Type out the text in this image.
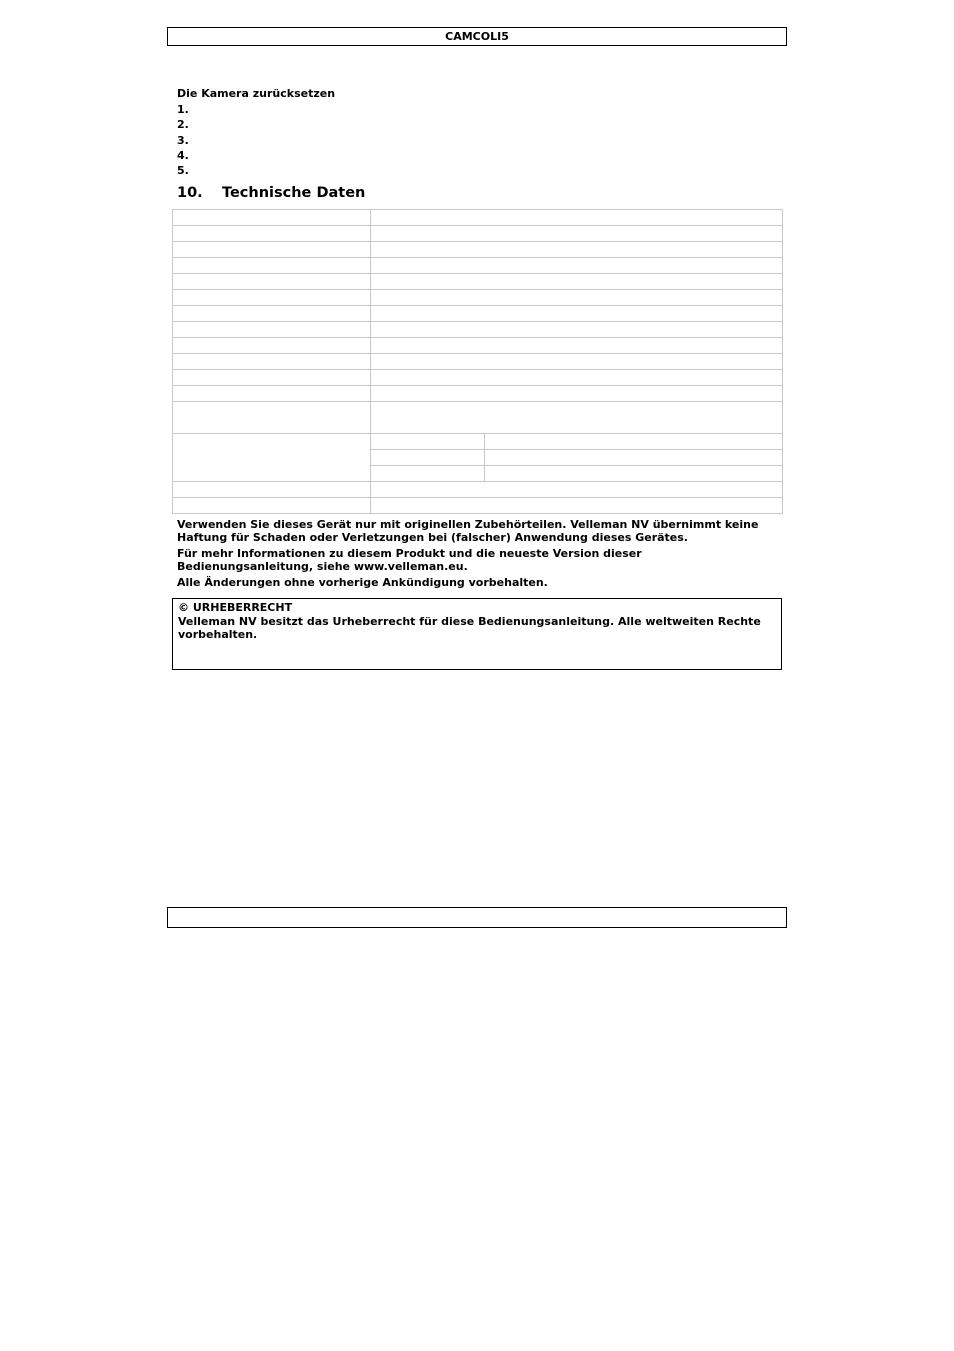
CAMCOLI5
Die Kamera zurücksetzen
1.
2.
3.
4.
5.
10. Technische Daten

Verwenden Sie dieses Gerät nur mit originellen Zubehörteilen. Velleman NV übernimmt keine Haftung für Schaden oder Verletzungen bei (falscher) Anwendung dieses Gerätes.

Für mehr Informationen zu diesem Produkt und die neueste Version dieser Bedienungsanleitung, siehe www.velleman.eu.

Alle Änderungen ohne vorherige Ankündigung vorbehalten.

© URHEBERRECHT

Velleman NV besitzt das Urheberrecht für diese Bedienungsanleitung. Alle weltweiten Rechte vorbehalten.
